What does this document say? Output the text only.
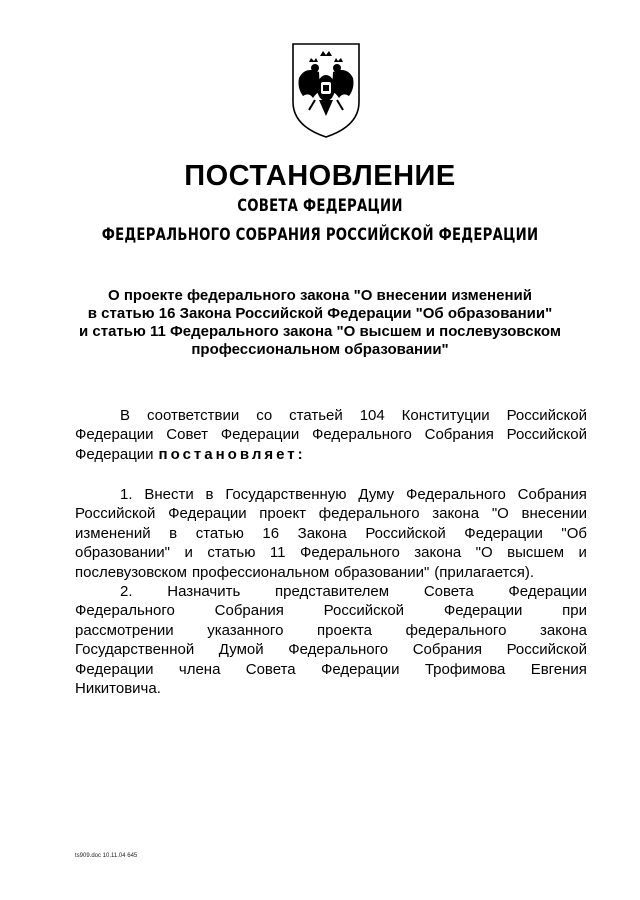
ПОСТАНОВЛЕНИЕ
СОВЕТА ФЕДЕРАЦИИ
ФЕДЕРАЛЬНОГО СОБРАНИЯ РОССИЙСКОЙ ФЕДЕРАЦИИ
О проекте федерального закона "О внесении изменений
в статью 16 Закона Российской Федерации "Об образовании"
и статью 11 Федерального закона "О высшем и послевузовском
профессиональном образовании"
В соответствии со статьей 104 Конституции Российской
Федерации Совет Федерации Федерального Собрания Российской
Федерации постановляет:
1. Внести в Государственную Думу Федерального Собрания
Российской Федерации проект федерального закона "О внесении
изменений в статью 16 Закона Российской Федерации "Об
образовании" и статью 11 Федерального закона "О высшем и
послевузовском профессиональном образовании" (прилагается).
2. Назначить представителем Совета Федерации
Федерального	Собрания	Российской	Федерации	при
рассмотрении указанного проекта федерального закона
Государственной Думой Федерального Собрания Российской
Федерации члена Совета Федерации Трофимова Евгения
Никитовича.
ts909.doc 10.11.04 645
